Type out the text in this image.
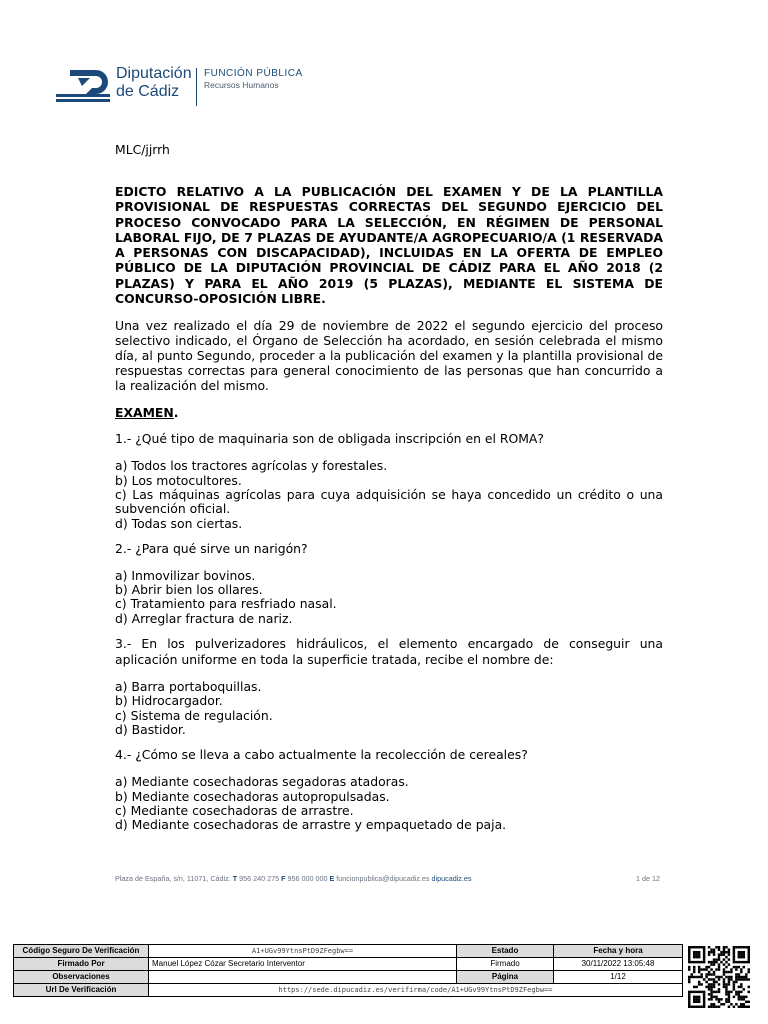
Diputación
de Cádiz
FUNCIÓN PÚBLICA
Recursos Humanos

MLC/jjrrh

EDICTO RELATIVO A LA PUBLICACIÓN DEL EXAMEN Y DE LA PLANTILLA PROVISIONAL DE RESPUESTAS CORRECTAS DEL SEGUNDO EJERCICIO DEL PROCESO CONVOCADO PARA LA SELECCIÓN, EN RÉGIMEN DE PERSONAL LABORAL FIJO, DE 7 PLAZAS DE AYUDANTE/A AGROPECUARIO/A (1 RESERVADA A PERSONAS CON DISCAPACIDAD), INCLUIDAS EN LA OFERTA DE EMPLEO PÚBLICO DE LA DIPUTACIÓN PROVINCIAL DE CÁDIZ PARA EL AÑO 2018 (2 PLAZAS) Y PARA EL AÑO 2019 (5 PLAZAS), MEDIANTE EL SISTEMA DE CONCURSO-OPOSICIÓN LIBRE.

Una vez realizado el día 29 de noviembre de 2022 el segundo ejercicio del proceso selectivo indicado, el Órgano de Selección ha acordado, en sesión celebrada el mismo día, al punto Segundo, proceder a la publicación del examen y la plantilla provisional de respuestas correctas para general conocimiento de las personas que han concurrido a la realización del mismo.

EXAMEN.

1.- ¿Qué tipo de maquinaria son de obligada inscripción en el ROMA?

a) Todos los tractores agrícolas y forestales.

b) Los motocultores.

c) Las máquinas agrícolas para cuya adquisición se haya concedido un crédito o una subvención oficial.

d) Todas son ciertas.

2.- ¿Para qué sirve un narigón?

a) Inmovilizar bovinos.

b) Abrir bien los ollares.

c) Tratamiento para resfriado nasal.

d) Arreglar fractura de nariz.

3.- En los pulverizadores hidráulicos, el elemento encargado de conseguir una aplicación uniforme en toda la superficie tratada, recibe el nombre de:

a) Barra portaboquillas.

b) Hidrocargador.

c) Sistema de regulación.

d) Bastidor.

4.- ¿Cómo se lleva a cabo actualmente la recolección de cereales?

a) Mediante cosechadoras segadoras atadoras.

b) Mediante cosechadoras autopropulsadas.

c) Mediante cosechadoras de arrastre.

d) Mediante cosechadoras de arrastre y empaquetado de paja.

Plaza de España, s/n, 11071, Cádiz. T 956 240 275 F 956 000 000 E funcionpublica@dipucadiz.es dipucadiz.es	1 de 12
Código Seguro De Verificación	A1+UGv99YtnsPtD9ZFegbw==	Estado	Fecha y hora
Firmado Por	Manuel López Cózar Secretario Interventor	Firmado	30/11/2022 13:05:48
Observaciones		Página	1/12
Url De Verificación	https://sede.dipucadiz.es/verifirma/code/A1+UGv99YtnsPtD9ZFegbw==		
